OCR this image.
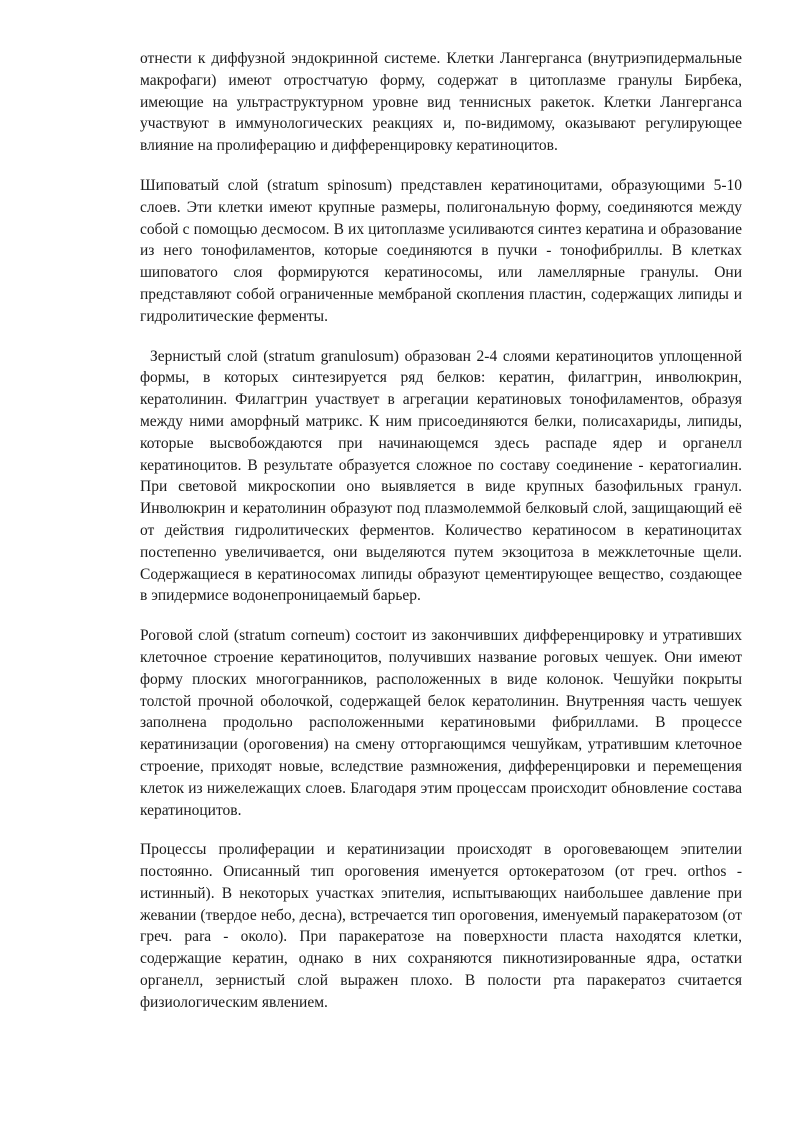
отнести к диффузной эндокринной системе. Клетки Лангерганса (внутриэпидермальные макрофаги) имеют отростчатую форму, содержат в цитоплазме гранулы Бирбека, имеющие на ультраструктурном уровне вид теннисных ракеток. Клетки Лангерганса участвуют в иммунологических реакциях и, по-видимому, оказывают регулирующее влияние на пролиферацию и дифференцировку кератиноцитов.

Шиповатый слой (stratum spinosum) представлен кератиноцитами, образующими 5-10 слоев. Эти клетки имеют крупные размеры, полигональную форму, соединяются между собой с помощью десмосом. В их цитоплазме усиливаются синтез кератина и образование из него тонофиламентов, которые соединяются в пучки - тонофибриллы. В клетках шиповатого слоя формируются кератиносомы, или ламеллярные гранулы. Они представляют собой ограниченные мембраной скопления пластин, содержащих липиды и гидролитические ферменты.

Зернистый слой (stratum granulosum) образован 2-4 слоями кератиноцитов уплощенной формы, в которых синтезируется ряд белков: кератин, филаггрин, инволюкрин, кератолинин. Филаггрин участвует в агрегации кератиновых тонофиламентов, образуя между ними аморфный матрикс. К ним присоединяются белки, полисахариды, липиды, которые высвобождаются при начинающемся здесь распаде ядер и органелл кератиноцитов. В результате образуется сложное по составу соединение - кератогиалин. При световой микроскопии оно выявляется в виде крупных базофильных гранул. Инволюкрин и кератолинин образуют под плазмолеммой белковый слой, защищающий её от действия гидролитических ферментов. Количество кератиносом в кератиноцитах постепенно увеличивается, они выделяются путем экзоцитоза в межклеточные щели. Содержащиеся в кератиносомах липиды образуют цементирующее вещество, создающее в эпидермисе водонепроницаемый барьер.

Роговой слой (stratum corneum) состоит из закончивших дифференцировку и утративших клеточное строение кератиноцитов, получивших название роговых чешуек. Они имеют форму плоских многогранников, расположенных в виде колонок. Чешуйки покрыты толстой прочной оболочкой, содержащей белок кератолинин. Внутренняя часть чешуек заполнена продольно расположенными кератиновыми фибриллами. В процессе кератинизации (ороговения) на смену отторгающимся чешуйкам, утратившим клеточное строение, приходят новые, вследствие размножения, дифференцировки и перемещения клеток из нижележащих слоев. Благодаря этим процессам происходит обновление состава кератиноцитов.

Процессы пролиферации и кератинизации происходят в ороговевающем эпителии постоянно. Описанный тип ороговения именуется ортокератозом (от греч. orthos - истинный). В некоторых участках эпителия, испытывающих наибольшее давление при жевании (твердое небо, десна), встречается тип ороговения, именуемый паракератозом (от греч. para - около). При паракератозе на поверхности пласта находятся клетки, содержащие кератин, однако в них сохраняются пикнотизированные ядра, остатки органелл, зернистый слой выражен плохо. В полости рта паракератоз считается физиологическим явлением.
